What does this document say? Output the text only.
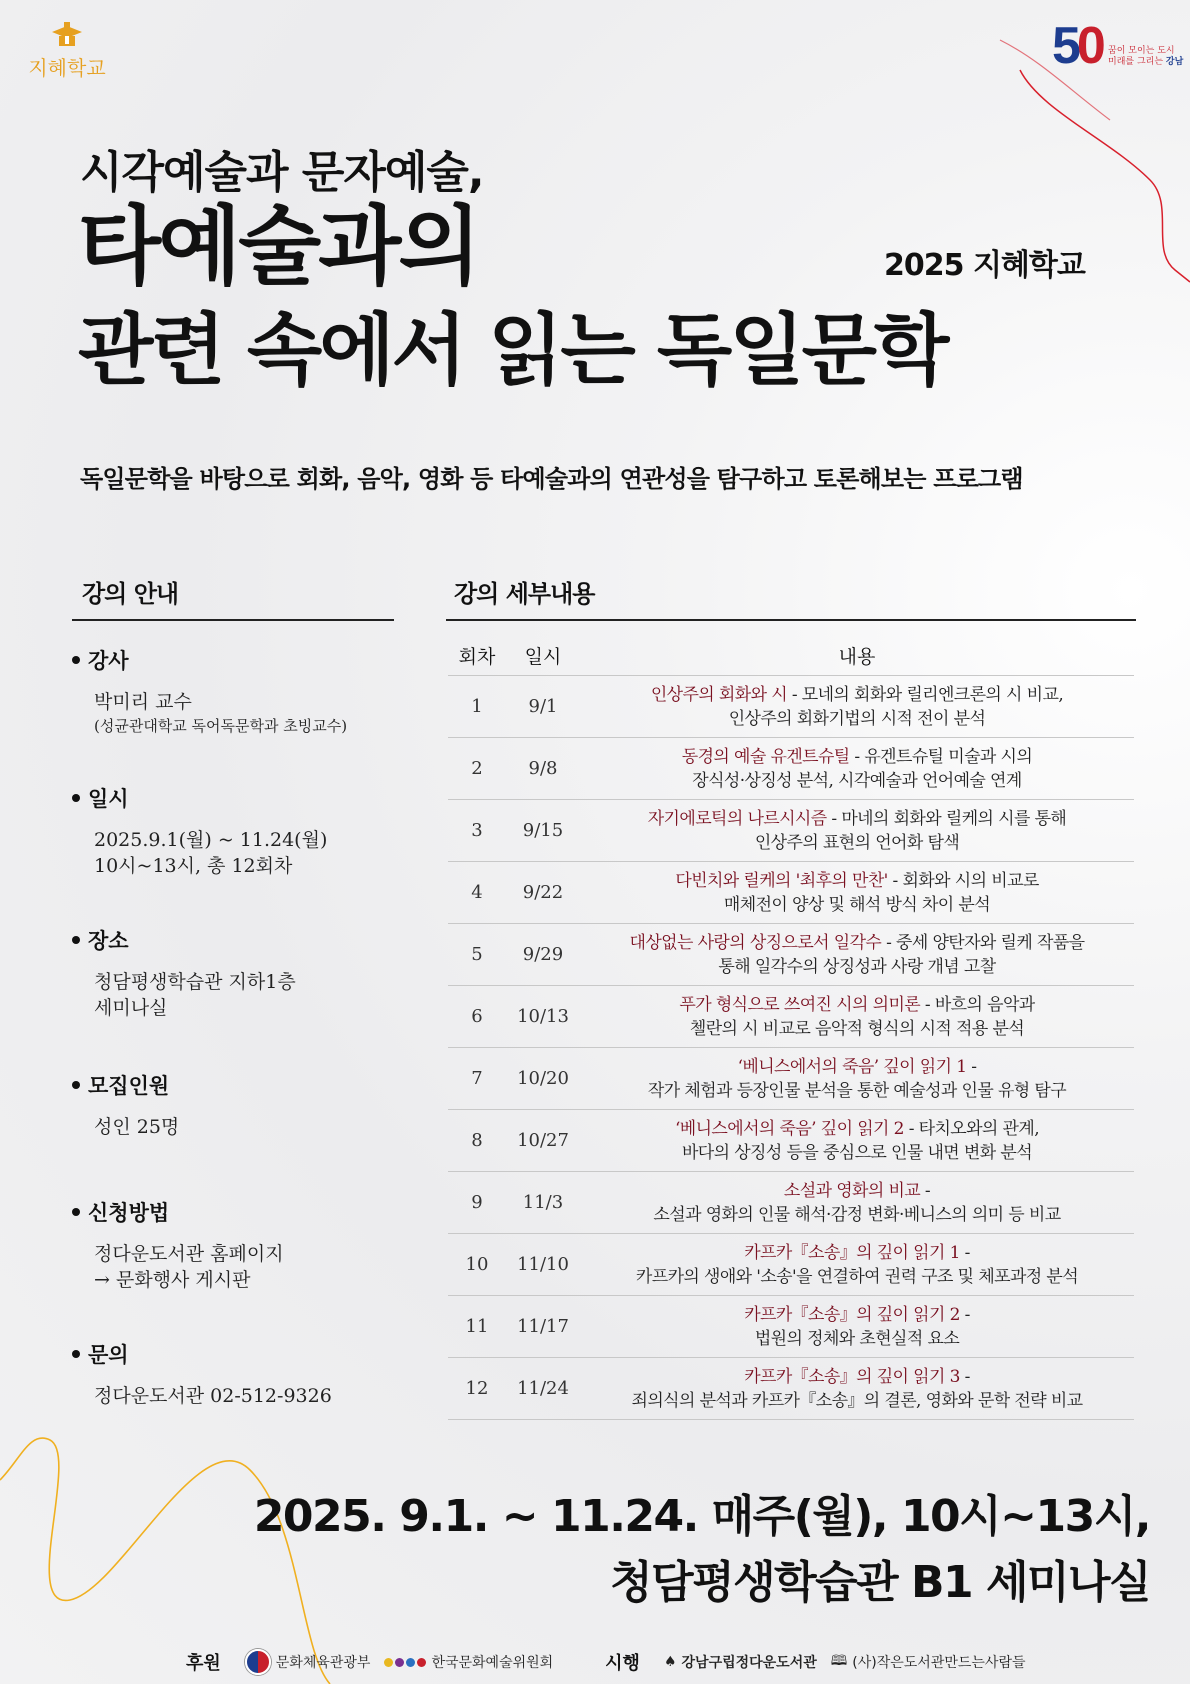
지혜학교	50 꿈이 모이는 도시
미래를 그리는 강남
시각예술과 문자예술,
타예술과의
관련 속에서 읽는 독일문학
2025 지혜학교
독일문학을 바탕으로 회화, 음악, 영화 등 타예술과의 연관성을 탐구하고 토론해보는 프로그램
강의 안내
강사
박미리 교수
(성균관대학교 독어독문학과 초빙교수)
일시
2025.9.1(월) ~ 11.24(월)
10시~13시, 총 12회차
장소
청담평생학습관 지하1층
세미나실
모집인원
성인 25명
신청방법
정다운도서관 홈페이지
→ 문화행사 게시판
문의
정다운도서관 02-512-9326
강의 세부내용
회차	일시	내용
1	9/1
인상주의 회화와 시 - 모네의 회화와 릴리엔크론의 시 비교,
인상주의 회화기법의 시적 전이 분석
2	9/8
동경의 예술 유겐트슈틸 - 유겐트슈틸 미술과 시의
장식성·상징성 분석, 시각예술과 언어예술 연계
3	9/15
자기에로틱의 나르시시즘 - 마네의 회화와 릴케의 시를 통해
인상주의 표현의 언어화 탐색
4	9/22
다빈치와 릴케의 '최후의 만찬' - 회화와 시의 비교로
매체전이 양상 및 해석 방식 차이 분석
5	9/29
대상없는 사랑의 상징으로서 일각수 - 중세 양탄자와 릴케 작품을
통해 일각수의 상징성과 사랑 개념 고찰
6	10/13
푸가 형식으로 쓰여진 시의 의미론 - 바흐의 음악과
첼란의 시 비교로 음악적 형식의 시적 적용 분석
7	10/20
‘베니스에서의 죽음’ 깊이 읽기 1 -
작가 체험과 등장인물 분석을 통한 예술성과 인물 유형 탐구
8	10/27
‘베니스에서의 죽음’ 깊이 읽기 2 - 타치오와의 관계,
바다의 상징성 등을 중심으로 인물 내면 변화 분석
9	11/3
소설과 영화의 비교 -
소설과 영화의 인물 해석·감정 변화·베니스의 의미 등 비교
10	11/10
카프카『소송』의 깊이 읽기 1 -
카프카의 생애와 '소송'을 연결하여 권력 구조 및 체포과정 분석
11	11/17
카프카『소송』의 깊이 읽기 2 -
법원의 정체와 초현실적 요소
12	11/24
카프카『소송』의 깊이 읽기 3 -
죄의식의 분석과 카프카『소송』의 결론, 영화와 문학 전략 비교
2025. 9.1. ~ 11.24. 매주(월), 10시~13시,
청담평생학습관 B1 세미나실
후원	문화체육관광부	한국문화예술위원회	시행 ♠ 강남구립정다운도서관 🕮 (사)작은도서관만드는사람들
